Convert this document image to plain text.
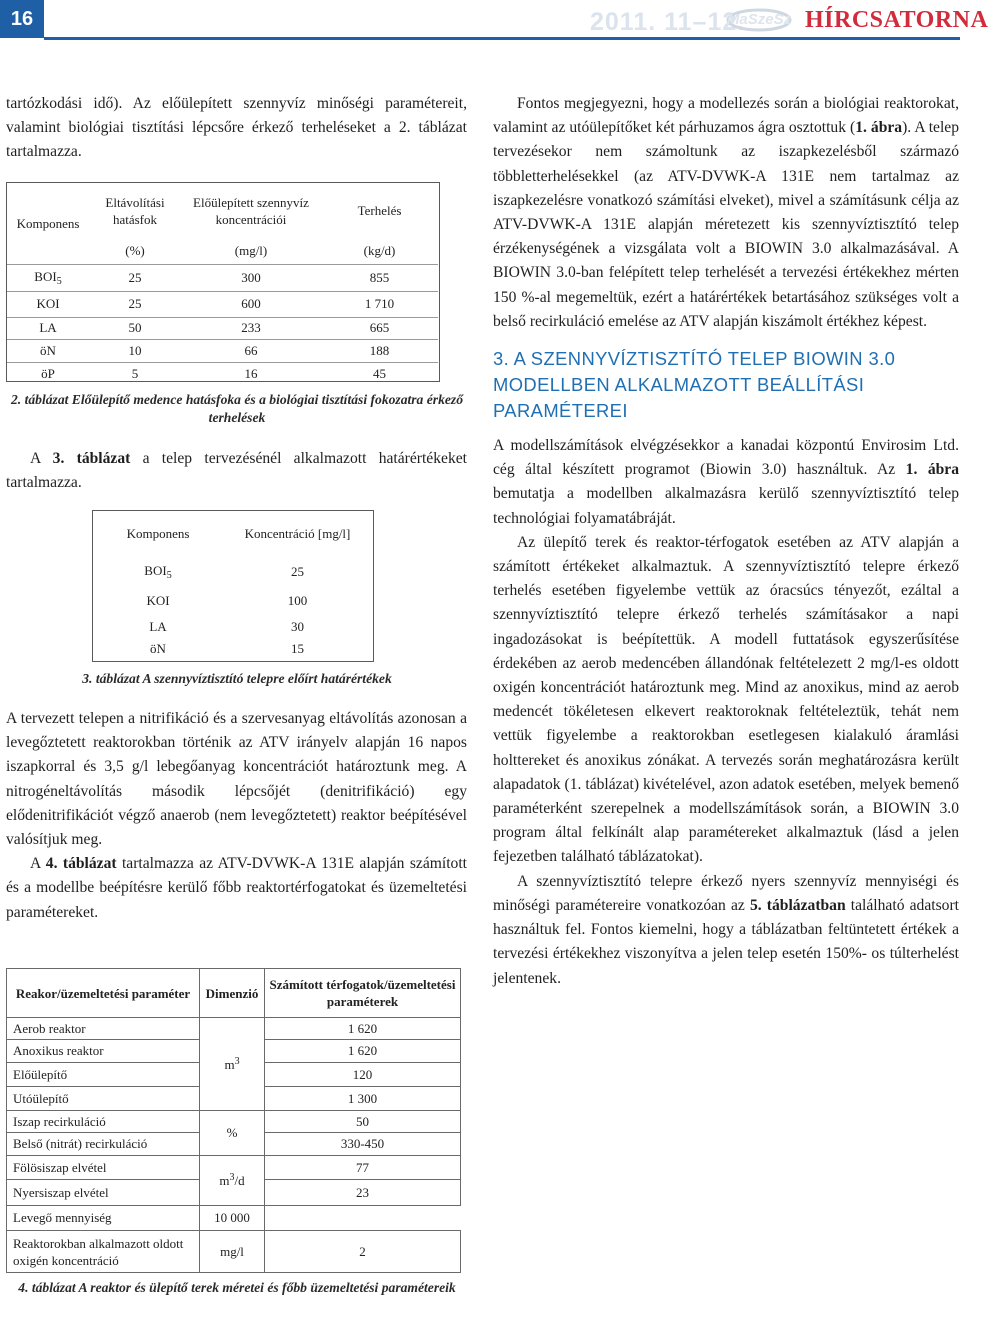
16	2011. 11–12.
MaSzeSz HÍRCSATORNA

tartózkodási idő). Az előülepített szennyvíz minőségi paramétereit, valamint biológiai tisztítási lépcsőre érkező terheléseket a 2. táblázat tartalmazza.

Komponens	Eltávolítási hatásfok	Előülepített szennyvíz koncentrációi	Terhelés
	(%)	(mg/l)	(kg/d)
$BOI_5$	25	300	855
KOI	25	600	1 710
LA	50	233	665
öN	10	66	188
öP	5	16	45
2. táblázat Előülepítő medence hatásfoka és a biológiai tisztítási fokozatra érkező terhelések

A 3. táblázat a telep tervezésénél alkalmazott határértékeket tartalmazza.

Komponens	Koncentráció [mg/l]
$BOI_5$	25
KOI	100
LA	30
öN	15
3. táblázat A szennyvíztisztító telepre előírt határértékek

A tervezett telepen a nitrifikáció és a szervesanyag eltávolítás azonosan a levegőztetett reaktorokban történik az ATV irányelv alapján 16 napos iszapkorral és 3,5 g/l lebegőanyag koncentrációt határoztunk meg. A nitrogéneltávolítás második lépcsőjét (denitrifikáció) egy elődenitrifikációt végző anaerob (nem levegőztetett) reaktor beépítésével valósítjuk meg.

A 4. táblázat tartalmazza az ATV-DVWK-A 131E alapján számított és a modellbe beépítésre kerülő főbb reaktortérfogatokat és üzemeltetési paramétereket.

Reakor/üzemeltetési paraméter	Dimenzió	Számított térfogatok/üzemeltetési paraméterek
Aerob reaktor	$m^3$	1 620
Anoxikus reaktor		1 620
Előülepítő		120
Utóülepítő		1 300
Iszap recirkuláció	%	50
Belső (nitrát) recirkuláció		330-450
Fölösiszap elvétel	$m^3/d$	77
Nyersiszap elvétel		23
Levegő mennyiség	10 000	
Reaktorokban alkalmazott oldott oxigén koncentráció	mg/l	2
4. táblázat A reaktor és ülepítő terek méretei és főbb üzemeltetési paramétereik

Fontos megjegyezni, hogy a modellezés során a biológiai reaktorokat, valamint az utóülepítőket két párhuzamos ágra osztottuk (1. ábra). A telep tervezésekor nem számoltunk az iszapkezelésből származó többletterhelésekkel (az ATV-DVWK-A 131E nem tartalmaz az iszapkezelésre vonatkozó számítási elveket), mivel a számításunk célja az ATV-DVWK-A 131E alapján méretezett kis szennyvíztisztító telep érzékenységének a vizsgálata volt a BIOWIN 3.0 alkalmazásával. A BIOWIN 3.0-ban felépített telep terhelését a tervezési értékekhez mérten 150 %-al megemeltük, ezért a határértékek betartásához szükséges volt a belső recirkuláció emelése az ATV alapján kiszámolt értékhez képest.

3. A SZENNYVÍZTISZTÍTÓ TELEP BIOWIN 3.0 MODELLBEN ALKALMAZOTT BEÁLLÍTÁSI PARAMÉTEREI

A modellszámítások elvégzésekkor a kanadai központú Envirosim Ltd. cég által készített programot (Biowin 3.0) használtuk. Az 1. ábra bemutatja a modellben alkalmazásra kerülő szennyvíztisztító telep technológiai folyamatábráját.

Az ülepítő terek és reaktor-térfogatok esetében az ATV alapján a számított értékeket alkalmaztuk. A szennyvíztisztító telepre érkező terhelés esetében figyelembe vettük az óracsúcs tényezőt, ezáltal a szennyvíztisztító telepre érkező terhelés számításakor a napi ingadozásokat is beépítettük. A modell futtatások egyszerűsítése érdekében az aerob medencében állandónak feltételezett 2 mg/l-es oldott oxigén koncentrációt határoztunk meg. Mind az anoxikus, mind az aerob medencét tökéletesen elkevert reaktoroknak feltételeztük, tehát nem vettük figyelembe a reaktorokban esetlegesen kialakuló áramlási holttereket és anoxikus zónákat. A tervezés során meghatározásra került alapadatok (1. táblázat) kivételével, azon adatok esetében, melyek bemenő paraméterként szerepelnek a modellszámítások során, a BIOWIN 3.0 program által felkínált alap paramétereket alkalmaztuk (lásd a jelen fejezetben található táblázatokat).

A szennyvíztisztító telepre érkező nyers szennyvíz mennyiségi és minőségi paramétereire vonatkozóan az 5. táblázatban található adatsort használtuk fel. Fontos kiemelni, hogy a táblázatban feltüntetett értékek a tervezési értékekhez viszonyítva a jelen telep esetén 150%- os túlterhelést jelentenek.
